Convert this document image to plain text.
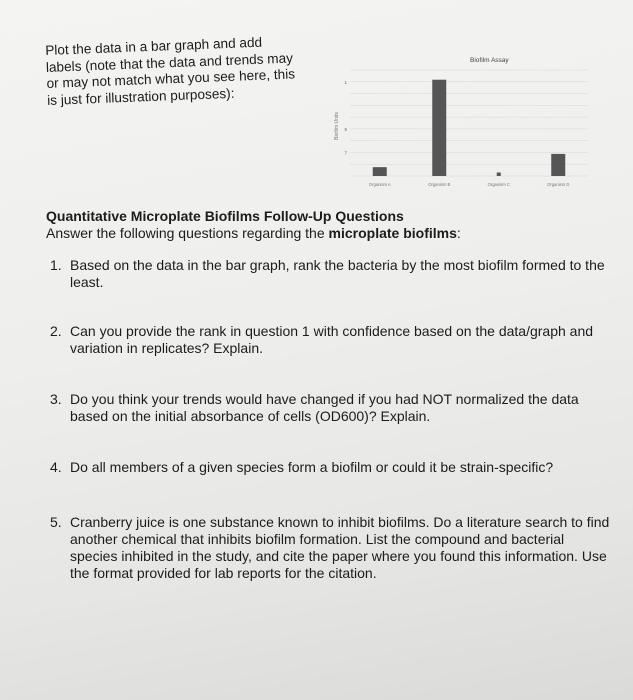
Plot the data in a bar graph and add labels (note that the data and trends may or may not match what you see here, this is just for illustration purposes):
7
5
1
Organism A	Organism B	Organism C	Organism D
Biofilm Assay
Biofilm Units
Quantitative Microplate Biofilms Follow-Up Questions
Answer the following questions regarding the microplate biofilms:
1. Based on the data in the bar graph, rank the bacteria by the most biofilm formed to the least.
2. Can you provide the rank in question 1 with confidence based on the data/graph and variation in replicates? Explain.
3. Do you think your trends would have changed if you had NOT normalized the data based on the initial absorbance of cells (OD600)? Explain.
4. Do all members of a given species form a biofilm or could it be strain-specific?
5. Cranberry juice is one substance known to inhibit biofilms. Do a literature search to find another chemical that inhibits biofilm formation. List the compound and bacterial species inhibited in the study, and cite the paper where you found this information. Use the format provided for lab reports for the citation.
